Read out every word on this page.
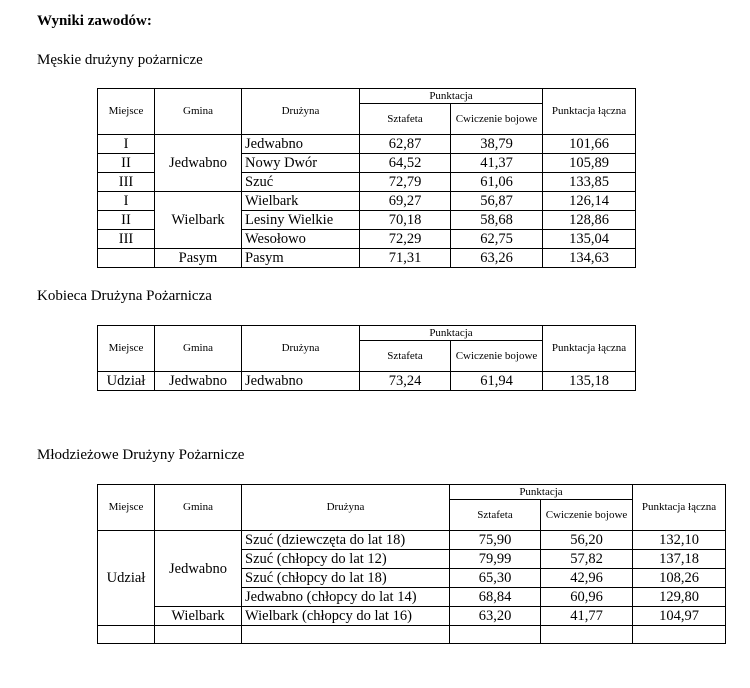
Wyniki zawodów:
Męskie drużyny pożarnicze
Miejsce	Gmina	Drużyna	Punktacja		Punktacja łączna
			Sztafeta	Cwiczenie bojowe	
I	Jedwabno	Jedwabno	62,87	38,79	101,66
II		Nowy Dwór	64,52	41,37	105,89
III		Szuć	72,79	61,06	133,85
I	Wielbark	Wielbark	69,27	56,87	126,14
II		Lesiny Wielkie	70,18	58,68	128,86
III		Wesołowo	72,29	62,75	135,04
	Pasym	Pasym	71,31	63,26	134,63
Kobieca Drużyna Pożarnicza
Miejsce	Gmina	Drużyna	Punktacja		Punktacja łączna
			Sztafeta	Cwiczenie bojowe	
Udział	Jedwabno	Jedwabno	73,24	61,94	135,18
Młodzieżowe Drużyny Pożarnicze
Miejsce	Gmina	Drużyna	Punktacja		Punktacja łączna
			Sztafeta	Cwiczenie bojowe	
Udział	Jedwabno	Szuć (dziewczęta do lat 18)	75,90	56,20	132,10
		Szuć (chłopcy do lat 12)	79,99	57,82	137,18
		Szuć (chłopcy do lat 18)	65,30	42,96	108,26
		Jedwabno (chłopcy do lat 14)	68,84	60,96	129,80
	Wielbark	Wielbark (chłopcy do lat 16)	63,20	41,77	104,97
